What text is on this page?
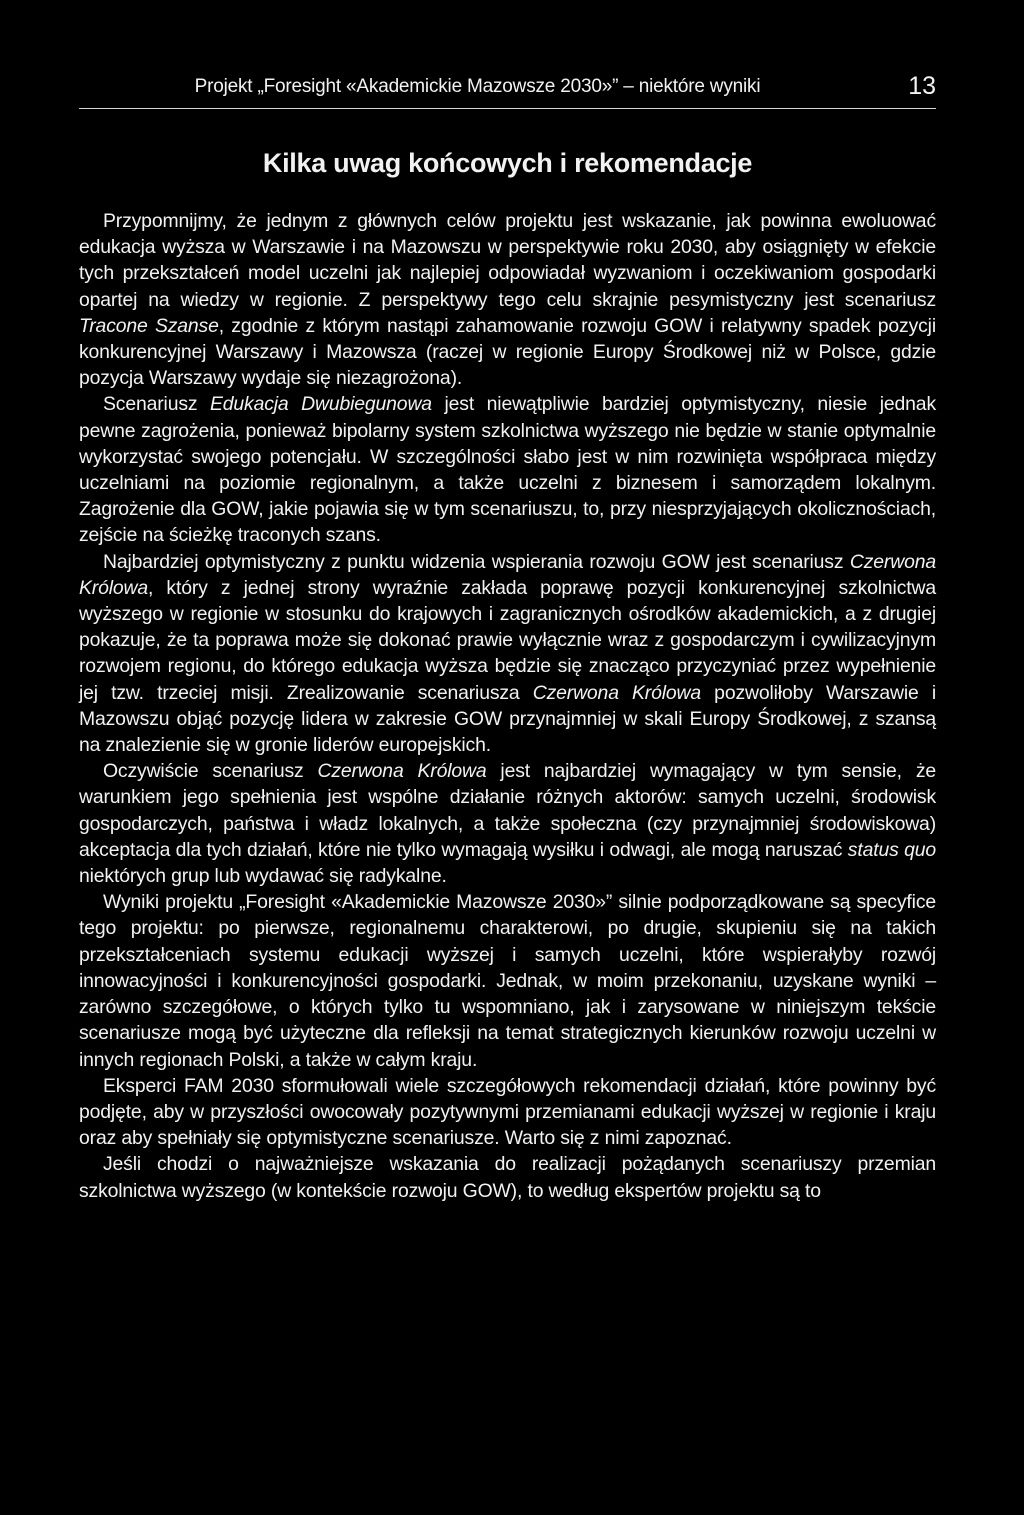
Projekt „Foresight «Akademickie Mazowsze 2030»” – niektóre wyniki	13
Kilka uwag końcowych i rekomendacje

Przypomnijmy, że jednym z głównych celów projektu jest wskazanie, jak powinna ewoluować edukacja wyższa w Warszawie i na Mazowszu w perspektywie roku 2030, aby osiągnięty w efekcie tych przekształceń model uczelni jak najlepiej odpowiadał wyzwaniom i oczekiwaniom gospodarki opartej na wiedzy w regionie. Z perspektywy tego celu skrajnie pesymistyczny jest scenariusz Tracone Szanse, zgodnie z którym nastąpi zahamowanie rozwoju GOW i relatywny spadek pozycji konkurencyjnej Warszawy i Mazowsza (raczej w regionie Europy Środkowej niż w Polsce, gdzie pozycja Warszawy wydaje się niezagrożona).

Scenariusz Edukacja Dwubiegunowa jest niewątpliwie bardziej optymistyczny, niesie jednak pewne zagrożenia, ponieważ bipolarny system szkolnictwa wyższego nie będzie w stanie optymalnie wykorzystać swojego potencjału. W szczególności słabo jest w nim rozwinięta współpraca między uczelniami na poziomie regionalnym, a także uczelni z biznesem i samorządem lokalnym. Zagrożenie dla GOW, jakie pojawia się w tym scenariuszu, to, przy niesprzyjających okolicznościach, zejście na ścieżkę traconych szans.

Najbardziej optymistyczny z punktu widzenia wspierania rozwoju GOW jest scenariusz Czerwona Królowa, który z jednej strony wyraźnie zakłada poprawę pozycji konkurencyjnej szkolnictwa wyższego w regionie w stosunku do krajowych i zagranicznych ośrodków akademickich, a z drugiej pokazuje, że ta poprawa może się dokonać prawie wyłącznie wraz z gospodarczym i cywilizacyjnym rozwojem regionu, do którego edukacja wyższa będzie się znacząco przyczyniać przez wypełnienie jej tzw. trzeciej misji. Zrealizowanie scenariusza Czerwona Królowa pozwoliłoby Warszawie i Mazowszu objąć pozycję lidera w zakresie GOW przynajmniej w skali Europy Środkowej, z szansą na znalezienie się w gronie liderów europejskich.

Oczywiście scenariusz Czerwona Królowa jest najbardziej wymagający w tym sensie, że warunkiem jego spełnienia jest wspólne działanie różnych aktorów: samych uczelni, środowisk gospodarczych, państwa i władz lokalnych, a także społeczna (czy przynajmniej środowiskowa) akceptacja dla tych działań, które nie tylko wymagają wysiłku i odwagi, ale mogą naruszać status quo niektórych grup lub wydawać się radykalne.

Wyniki projektu „Foresight «Akademickie Mazowsze 2030»” silnie podporządkowane są specyfice tego projektu: po pierwsze, regionalnemu charakterowi, po drugie, skupieniu się na takich przekształceniach systemu edukacji wyższej i samych uczelni, które wspierałyby rozwój innowacyjności i konkurencyjności gospodarki. Jednak, w moim przekonaniu, uzyskane wyniki – zarówno szczegółowe, o których tylko tu wspomniano, jak i zarysowane w niniejszym tekście scenariusze mogą być użyteczne dla refleksji na temat strategicznych kierunków rozwoju uczelni w innych regionach Polski, a także w całym kraju.

Eksperci FAM 2030 sformułowali wiele szczegółowych rekomendacji działań, które powinny być podjęte, aby w przyszłości owocowały pozytywnymi przemianami edukacji wyższej w regionie i kraju oraz aby spełniały się optymistyczne scenariusze. Warto się z nimi zapoznać.

Jeśli chodzi o najważniejsze wskazania do realizacji pożądanych scenariuszy przemian szkolnictwa wyższego (w kontekście rozwoju GOW), to według ekspertów projektu są to
